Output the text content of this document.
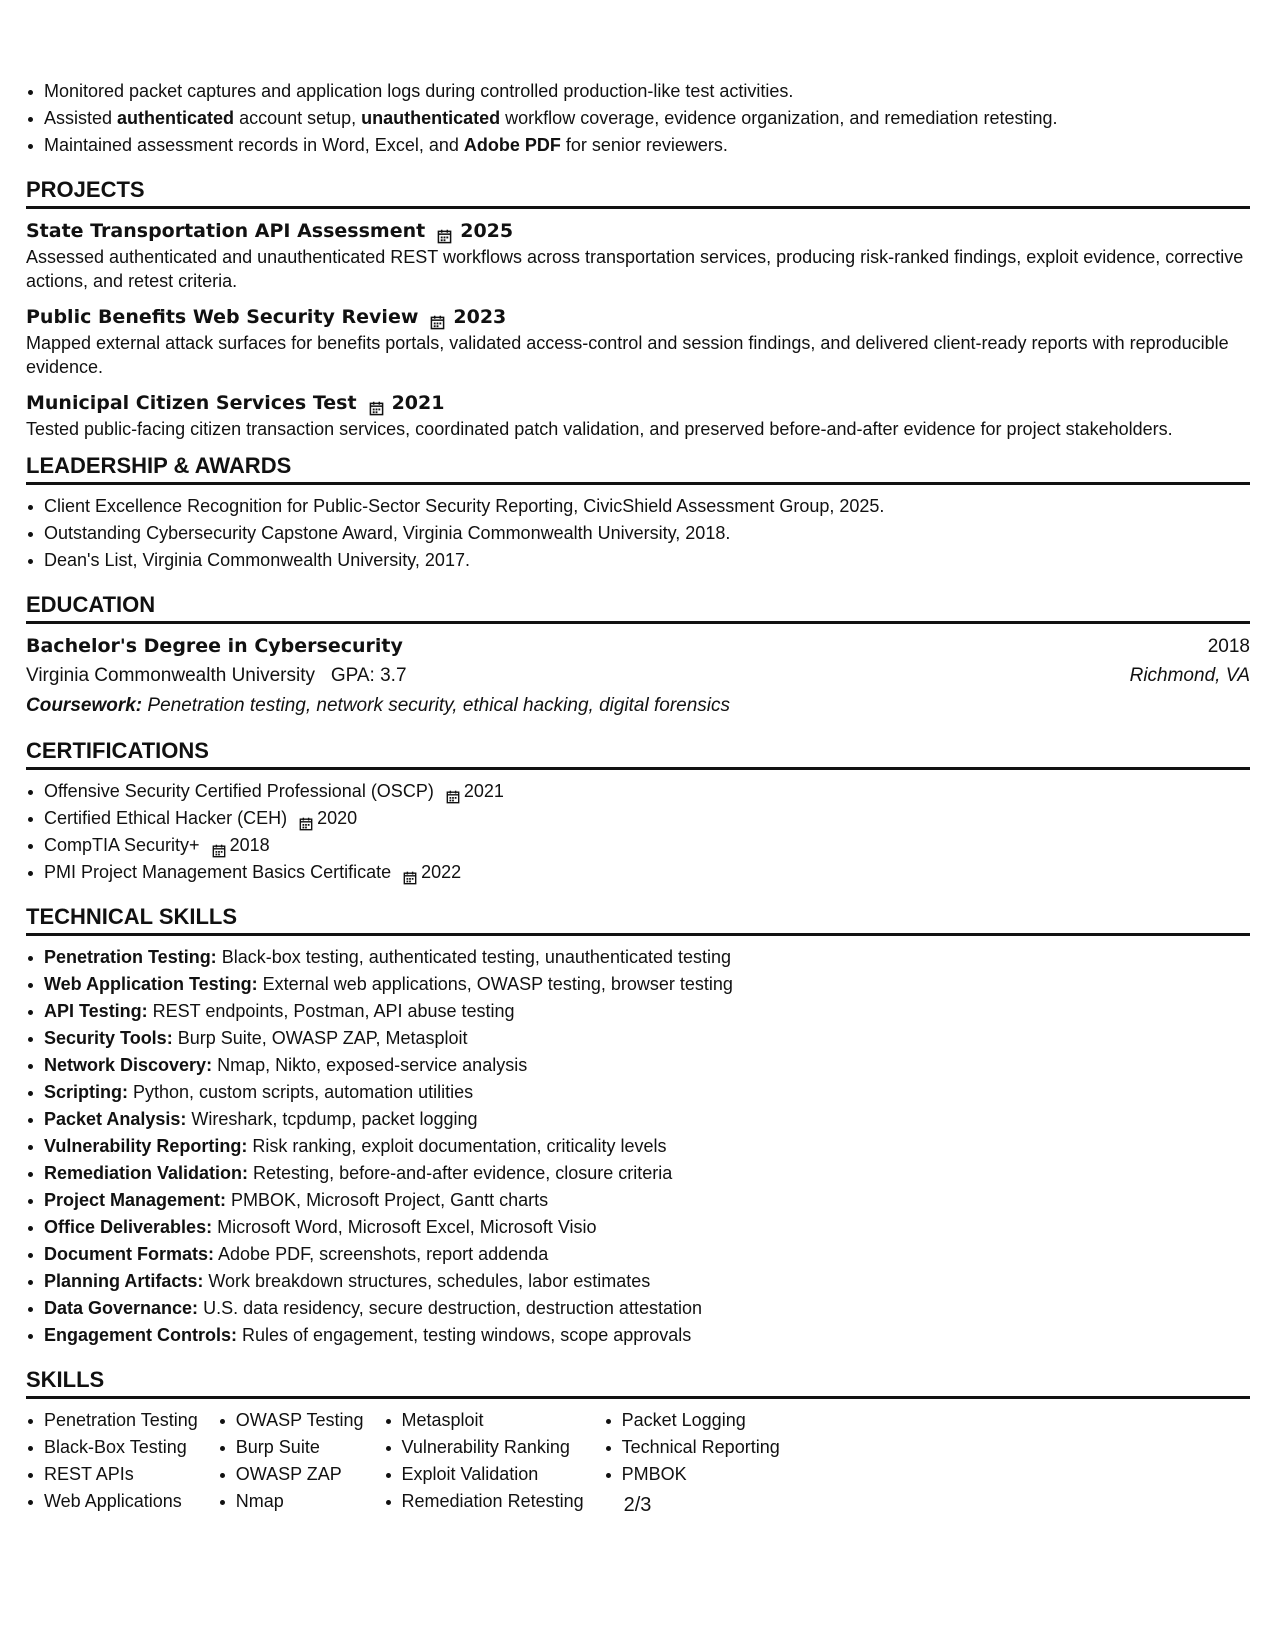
Monitored packet captures and application logs during controlled production-like test activities.
Assisted authenticated account setup, unauthenticated workflow coverage, evidence organization, and remediation retesting.
Maintained assessment records in Word, Excel, and Adobe PDF for senior reviewers.
PROJECTS
State Transportation API Assessment 2025
Assessed authenticated and unauthenticated REST workflows across transportation services, producing risk-ranked findings, exploit evidence, corrective actions, and retest criteria.
Public Benefits Web Security Review 2023
Mapped external attack surfaces for benefits portals, validated access-control and session findings, and delivered client-ready reports with reproducible evidence.
Municipal Citizen Services Test 2021
Tested public-facing citizen transaction services, coordinated patch validation, and preserved before-and-after evidence for project stakeholders.
LEADERSHIP & AWARDS
Client Excellence Recognition for Public-Sector Security Reporting, CivicShield Assessment Group, 2025.
Outstanding Cybersecurity Capstone Award, Virginia Commonwealth University, 2018.
Dean's List, Virginia Commonwealth University, 2017.
EDUCATION
Bachelor's Degree in Cybersecurity	2018
Virginia Commonwealth University GPA: 3.7	Richmond, VA
Coursework: Penetration testing, network security, ethical hacking, digital forensics
CERTIFICATIONS
Offensive Security Certified Professional (OSCP) 2021
Certified Ethical Hacker (CEH) 2020
CompTIA Security+ 2018
PMI Project Management Basics Certificate 2022
TECHNICAL SKILLS
Penetration Testing: Black-box testing, authenticated testing, unauthenticated testing
Web Application Testing: External web applications, OWASP testing, browser testing
API Testing: REST endpoints, Postman, API abuse testing
Security Tools: Burp Suite, OWASP ZAP, Metasploit
Network Discovery: Nmap, Nikto, exposed-service analysis
Scripting: Python, custom scripts, automation utilities
Packet Analysis: Wireshark, tcpdump, packet logging
Vulnerability Reporting: Risk ranking, exploit documentation, criticality levels
Remediation Validation: Retesting, before-and-after evidence, closure criteria
Project Management: PMBOK, Microsoft Project, Gantt charts
Office Deliverables: Microsoft Word, Microsoft Excel, Microsoft Visio
Document Formats: Adobe PDF, screenshots, report addenda
Planning Artifacts: Work breakdown structures, schedules, labor estimates
Data Governance: U.S. data residency, secure destruction, destruction attestation
Engagement Controls: Rules of engagement, testing windows, scope approvals
SKILLS
Penetration Testing
Black-Box Testing
REST APIs
Web Applications
OWASP Testing
Burp Suite
OWASP ZAP
Nmap
Metasploit
Vulnerability Ranking
Exploit Validation
Remediation Retesting
Packet Logging
Technical Reporting
PMBOK
2/3
